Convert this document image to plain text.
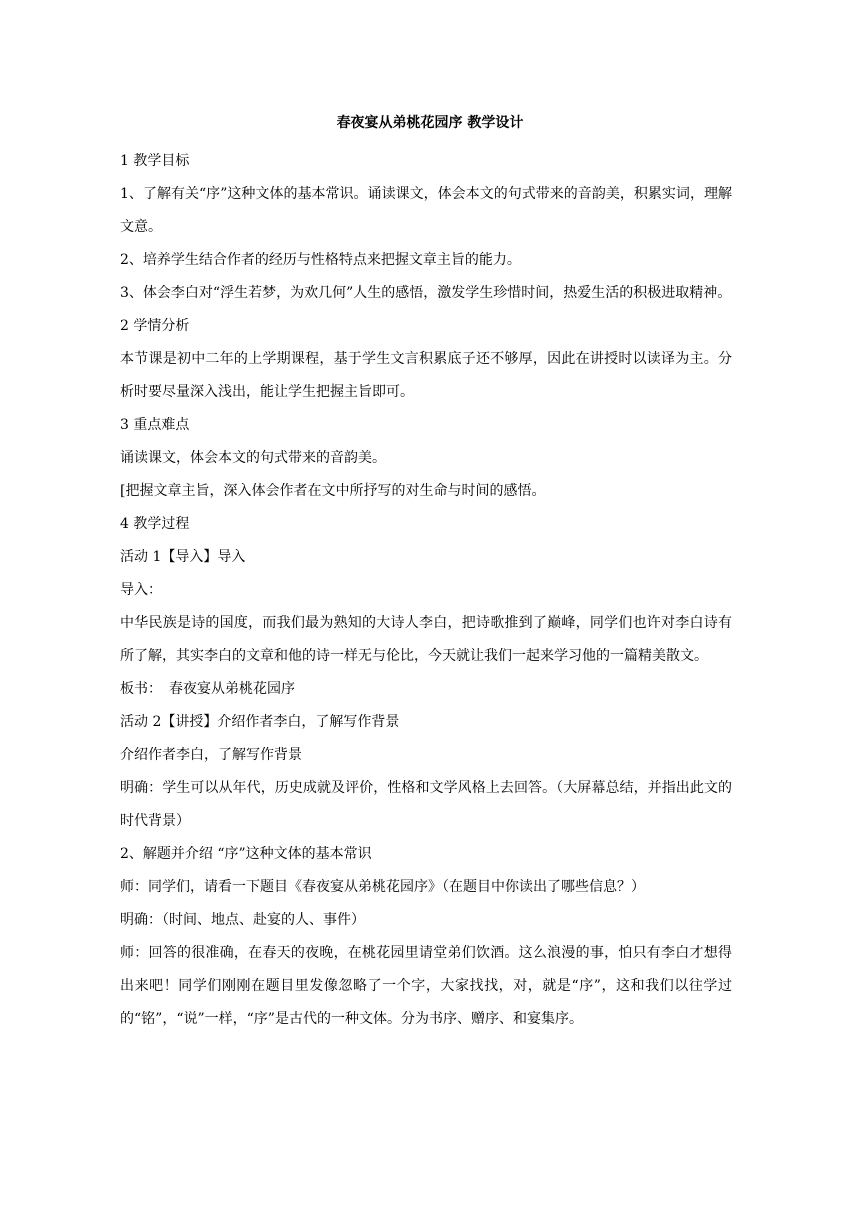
春夜宴从弟桃花园序 教学设计

1 教学目标

1、了解有关“序”这种文体的基本常识。诵读课文，体会本文的句式带来的音韵美，积累实词，理解文意。

2、培养学生结合作者的经历与性格特点来把握文章主旨的能力。

3、体会李白对“浮生若梦，为欢几何”人生的感悟，激发学生珍惜时间，热爱生活的积极进取精神。

2 学情分析

本节课是初中二年的上学期课程，基于学生文言积累底子还不够厚，因此在讲授时以读译为主。分析时要尽量深入浅出，能让学生把握主旨即可。

3 重点难点

诵读课文，体会本文的句式带来的音韵美。

[把握文章主旨，深入体会作者在文中所抒写的对生命与时间的感悟。

4 教学过程

活动 1【导入】导入

导入：

中华民族是诗的国度，而我们最为熟知的大诗人李白，把诗歌推到了巅峰，同学们也许对李白诗有所了解，其实李白的文章和他的诗一样无与伦比，今天就让我们一起来学习他的一篇精美散文。

板书：　春夜宴从弟桃花园序

活动 2【讲授】介绍作者李白，了解写作背景

介绍作者李白，了解写作背景

明确：学生可以从年代，历史成就及评价，性格和文学风格上去回答。（大屏幕总结，并指出此文的时代背景）

2、解题并介绍 “序”这种文体的基本常识

师：同学们，请看一下题目《春夜宴从弟桃花园序》（在题目中你读出了哪些信息？）

明确：（时间、地点、赴宴的人、事件）

师：回答的很准确，在春天的夜晚，在桃花园里请堂弟们饮酒。这么浪漫的事，怕只有李白才想得出来吧！同学们刚刚在题目里发像忽略了一个字，大家找找，对，就是“序”，这和我们以往学过的“铭”，“说”一样，“序”是古代的一种文体。分为书序、赠序、和宴集序。
